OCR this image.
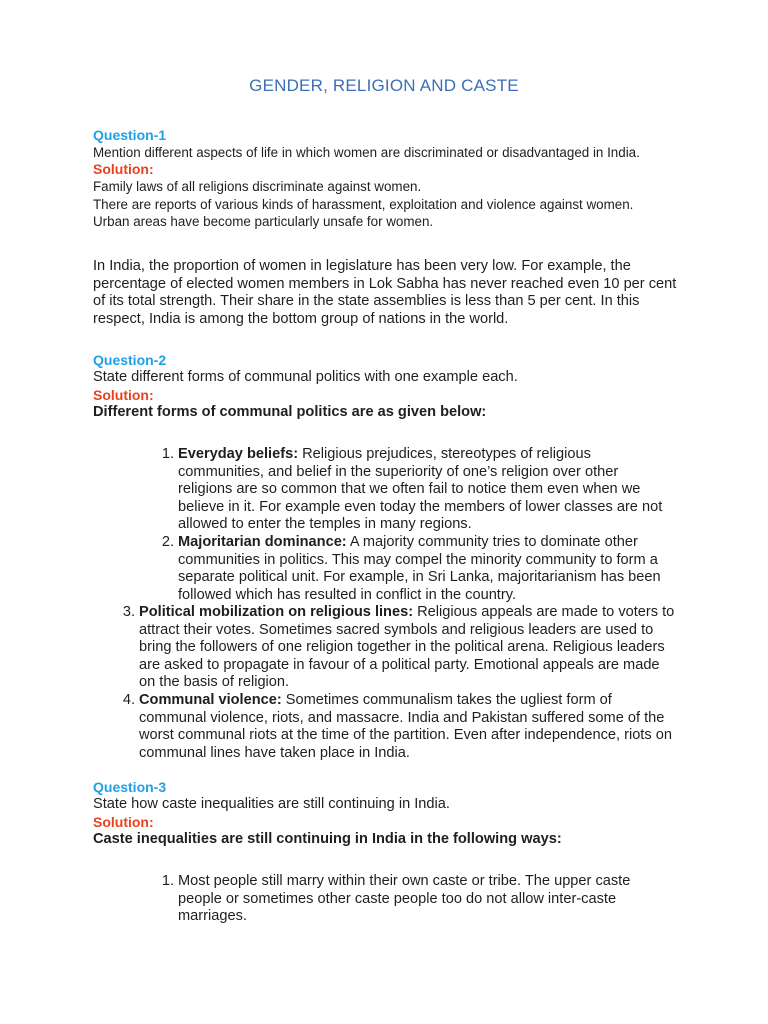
GENDER, RELIGION AND CASTE
Question-1

Mention different aspects of life in which women are discriminated or disadvantaged in India.

Solution:

Family laws of all religions discriminate against women.

There are reports of various kinds of harassment, exploitation and violence against women.

Urban areas have become particularly unsafe for women.

In India, the proportion of women in legislature has been very low. For example, the percentage of elected women members in Lok Sabha has never reached even 10 per cent of its total strength. Their share in the state assemblies is less than 5 per cent. In this respect, India is among the bottom group of nations in the world.

Question-2

State different forms of communal politics with one example each.

Solution:

Different forms of communal politics are as given below:

1. Everyday beliefs: Religious prejudices, stereotypes of religious communities, and belief in the superiority of one’s religion over other religions are so common that we often fail to notice them even when we believe in it. For example even today the members of lower classes are not allowed to enter the temples in many regions.
2. Majoritarian dominance: A majority community tries to dominate other communities in politics. This may compel the minority community to form a separate political unit. For example, in Sri Lanka, majoritarianism has been followed which has resulted in conflict in the country.
3. Political mobilization on religious lines: Religious appeals are made to voters to attract their votes. Sometimes sacred symbols and religious leaders are used to bring the followers of one religion together in the political arena. Religious leaders are asked to propagate in favour of a political party. Emotional appeals are made on the basis of religion.
4. Communal violence: Sometimes communalism takes the ugliest form of communal violence, riots, and massacre. India and Pakistan suffered some of the worst communal riots at the time of the partition. Even after independence, riots on communal lines have taken place in India.
Question-3

State how caste inequalities are still continuing in India.

Solution:

Caste inequalities are still continuing in India in the following ways:

1. Most people still marry within their own caste or tribe. The upper caste people or sometimes other caste people too do not allow inter-caste marriages.
